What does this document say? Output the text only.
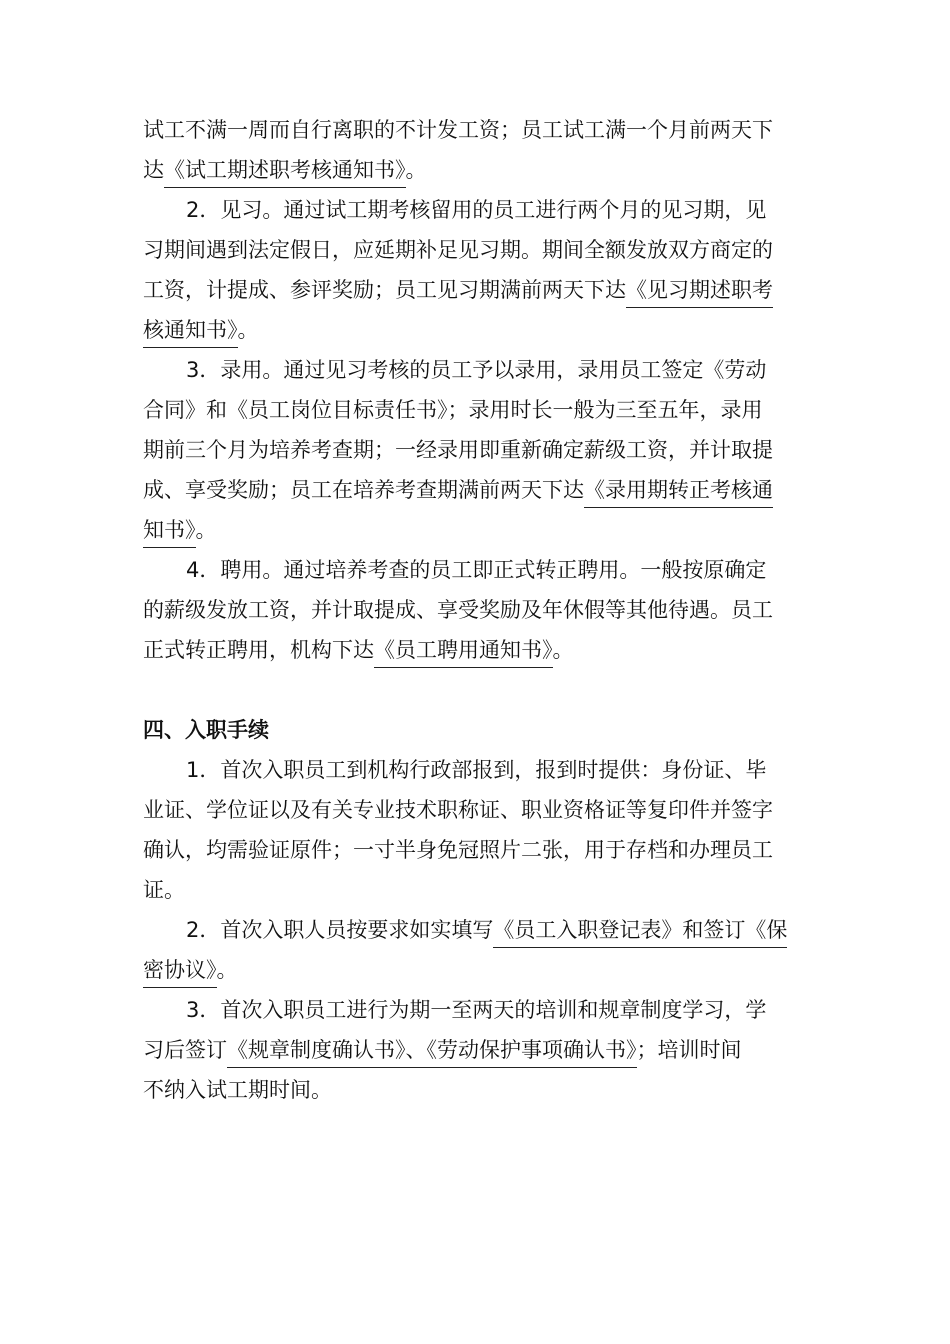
试工不满一周而自行离职的不计发工资；员工试工满一个月前两天下
达《试工期述职考核通知书》。
2．见习。通过试工期考核留用的员工进行两个月的见习期，见
习期间遇到法定假日，应延期补足见习期。期间全额发放双方商定的
工资，计提成、参评奖励；员工见习期满前两天下达《见习期述职考
核通知书》。
3．录用。通过见习考核的员工予以录用，录用员工签定《劳动
合同》和《员工岗位目标责任书》；录用时长一般为三至五年，录用
期前三个月为培养考查期；一经录用即重新确定薪级工资，并计取提
成、享受奖励；员工在培养考查期满前两天下达《录用期转正考核通
知书》。
4．聘用。通过培养考查的员工即正式转正聘用。一般按原确定
的薪级发放工资，并计取提成、享受奖励及年休假等其他待遇。员工
正式转正聘用，机构下达《员工聘用通知书》。
四、入职手续
1．首次入职员工到机构行政部报到，报到时提供：身份证、毕
业证、学位证以及有关专业技术职称证、职业资格证等复印件并签字
确认，均需验证原件；一寸半身免冠照片二张，用于存档和办理员工
证。
2．首次入职人员按要求如实填写《员工入职登记表》和签订《保
密协议》。
3．首次入职员工进行为期一至两天的培训和规章制度学习，学
习后签订《规章制度确认书》、《劳动保护事项确认书》；培训时间
不纳入试工期时间。
